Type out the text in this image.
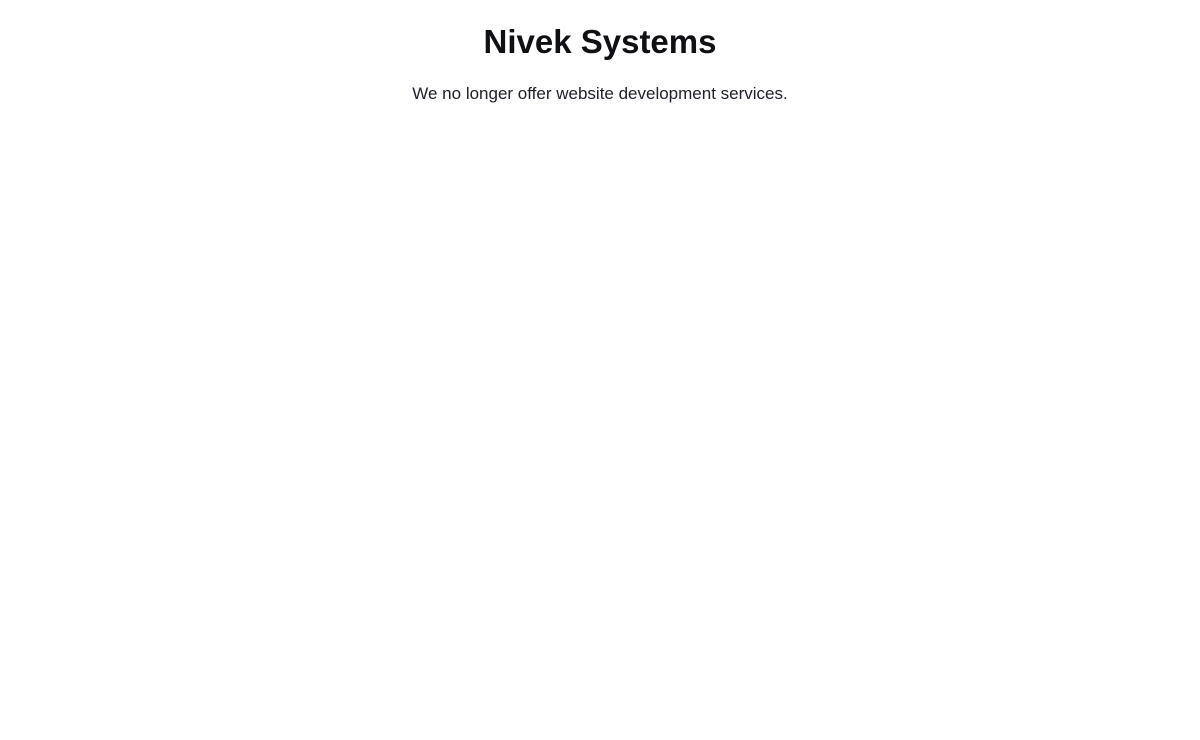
Nivek Systems

We no longer offer website development services.
